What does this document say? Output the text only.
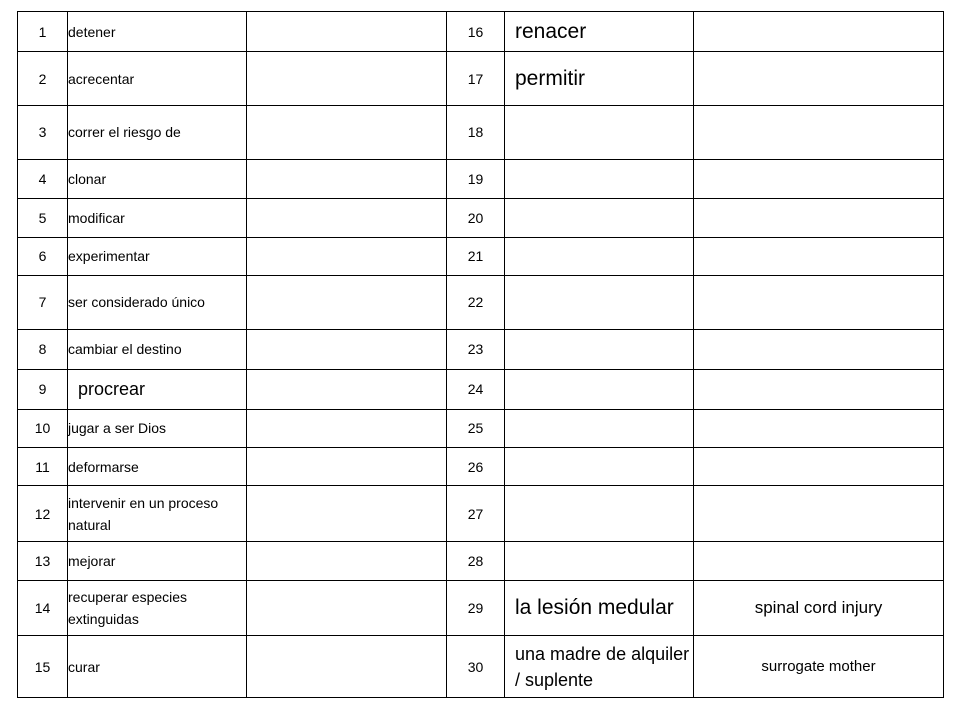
1	detener		16	renacer	
2	acrecentar		17	permitir	
3	correr el riesgo de		18		
4	clonar		19		
5	modificar		20		
6	experimentar		21		
7	ser considerado único		22		
8	cambiar el destino		23		
9	procrear		24		
10	jugar a ser Dios		25		
11	deformarse		26		
12	intervenir en un proceso natural		27		
13	mejorar		28		
14	recuperar especies extinguidas		29	la lesión medular	spinal cord injury
15	curar		30	una madre de alquiler / suplente	surrogate mother
